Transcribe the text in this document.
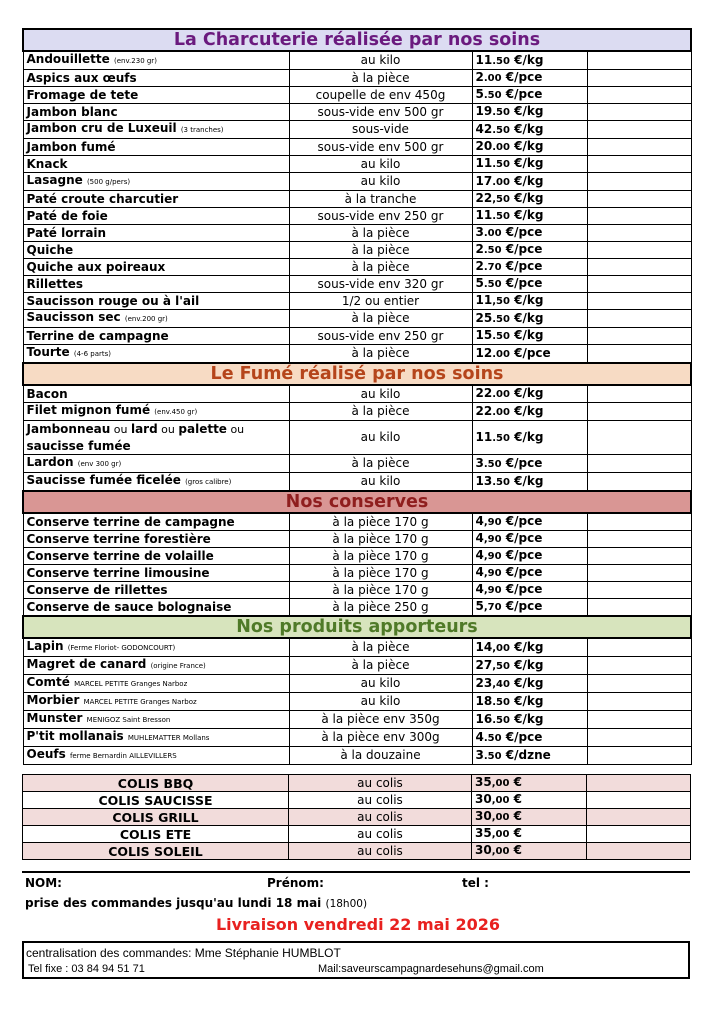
La Charcuterie réalisée par nos soins			
Andouillette (env.230 gr)	au kilo	11.50 €/kg	
Aspics aux œufs	à la pièce	2.00 €/pce	
Fromage de tete	coupelle de env 450g	5.50 €/pce	
Jambon blanc	sous-vide env 500 gr	19.50 €/kg	
Jambon cru de Luxeuil (3 tranches)	sous-vide	42.50 €/kg	
Jambon fumé	sous-vide env 500 gr	20.00 €/kg	
Knack	au kilo	11.50 €/kg	
Lasagne (500 g/pers)	au kilo	17.00 €/kg	
Paté croute charcutier	à la tranche	22,50 €/kg	
Paté de foie	sous-vide env 250 gr	11.50 €/kg	
Paté lorrain	à la pièce	3.00 €/pce	
Quiche	à la pièce	2.50 €/pce	
Quiche aux poireaux	à la pièce	2.70 €/pce	
Rillettes	sous-vide env 320 gr	5.50 €/pce	
Saucisson rouge ou à l'ail	1/2 ou entier	11,50 €/kg	
Saucisson sec (env.200 gr)	à la pièce	25.50 €/kg	
Terrine de campagne	sous-vide env 250 gr	15.50 €/kg	
Tourte (4-6 parts)	à la pièce	12.00 €/pce	
Le Fumé réalisé par nos soins			
Bacon	au kilo	22.00 €/kg	
Filet mignon fumé (env.450 gr)	à la pièce	22.00 €/kg	
Jambonneau ou lard ou palette ou saucisse fumée	au kilo	11.50 €/kg	
Lardon (env 300 gr)	à la pièce	3.50 €/pce	
Saucisse fumée ficelée (gros calibre)	au kilo	13.50 €/kg	
Nos conserves			
Conserve terrine de campagne	à la pièce 170 g	4,90 €/pce	
Conserve terrine forestière	à la pièce 170 g	4,90 €/pce	
Conserve terrine de volaille	à la pièce 170 g	4,90 €/pce	
Conserve terrine limousine	à la pièce 170 g	4,90 €/pce	
Conserve de rillettes	à la pièce 170 g	4,90 €/pce	
Conserve de sauce bolognaise	à la pièce 250 g	5,70 €/pce	
Nos produits apporteurs			
Lapin (Ferme Floriot- GODONCOURT)	à la pièce	14,00 €/kg	
Magret de canard (origine France)	à la pièce	27,50 €/kg	
Comté MARCEL PETITE Granges Narboz	au kilo	23,40 €/kg	
Morbier MARCEL PETITE Granges Narboz	au kilo	18.50 €/kg	
Munster MENIGOZ Saint Bresson	à la pièce env 350g	16.50 €/kg	
P'tit mollanais MUHLEMATTER Mollans	à la pièce env 300g	4.50 €/pce	
Oeufs ferme Bernardin AILLEVILLERS	à la douzaine	3.50 €/dzne	
COLIS BBQ	au colis	35,00 €	
COLIS SAUCISSE	au colis	30,00 €	
COLIS GRILL	au colis	30,00 €	
COLIS ETE	au colis	35,00 €	
COLIS SOLEIL	au colis	30,00 €	
NOM:	Prénom:	tel :
prise des commandes jusqu'au lundi 18 mai (18h00)
Livraison vendredi 22 mai 2026
centralisation des commandes: Mme Stéphanie HUMBLOT
Tel fixe : 03 84 94 51 71	Mail:saveurscampagnardesehuns@gmail.com
